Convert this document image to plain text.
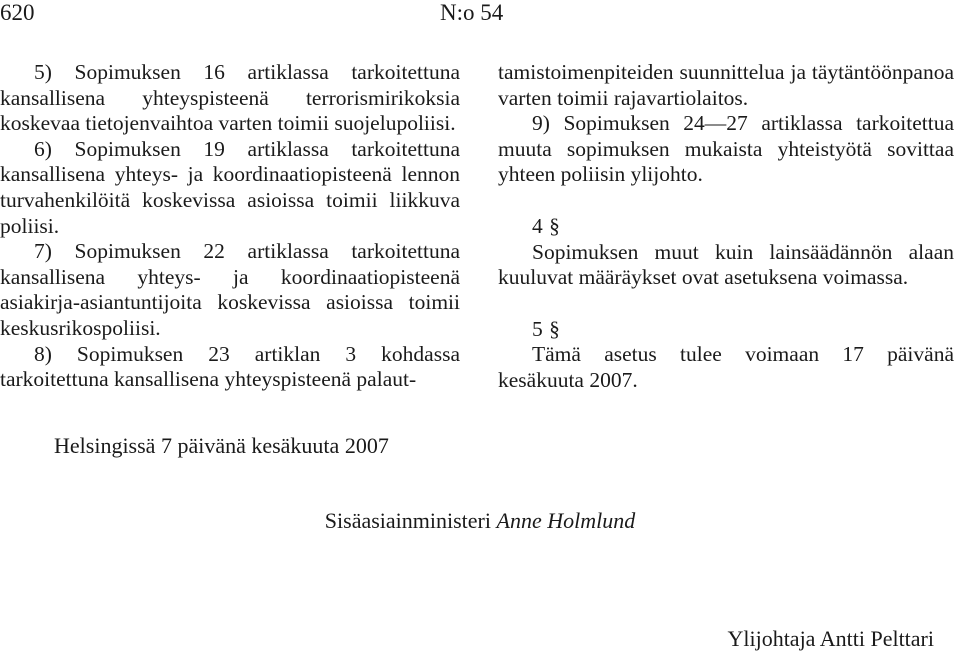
620	N:o 54

5) Sopimuksen 16 artiklassa tarkoitettuna kansallisena yhteyspisteenä terrorismirikoksia koskevaa tietojenvaihtoa varten toimii suojelupoliisi.

6) Sopimuksen 19 artiklassa tarkoitettuna kansallisena yhteys- ja koordinaatiopisteenä lennon turvahenkilöitä koskevissa asioissa toimii liikkuva poliisi.

7) Sopimuksen 22 artiklassa tarkoitettuna kansallisena yhteys- ja koordinaatiopisteenä asiakirja-asiantuntijoita koskevissa asioissa toimii keskusrikospoliisi.

8) Sopimuksen 23 artiklan 3 kohdassa tarkoitettuna kansallisena yhteyspisteenä palaut-

tamistoimenpiteiden suunnittelua ja täytäntöönpanoa varten toimii rajavartiolaitos.

9) Sopimuksen 24—27 artiklassa tarkoitettua muuta sopimuksen mukaista yhteistyötä sovittaa yhteen poliisin ylijohto.

4 §

Sopimuksen muut kuin lainsäädännön alaan kuuluvat määräykset ovat asetuksena voimassa.

5 §

Tämä asetus tulee voimaan 17 päivänä kesäkuuta 2007.

Helsingissä 7 päivänä kesäkuuta 2007
Sisäasiainministeri Anne Holmlund
Ylijohtaja Antti Pelttari
